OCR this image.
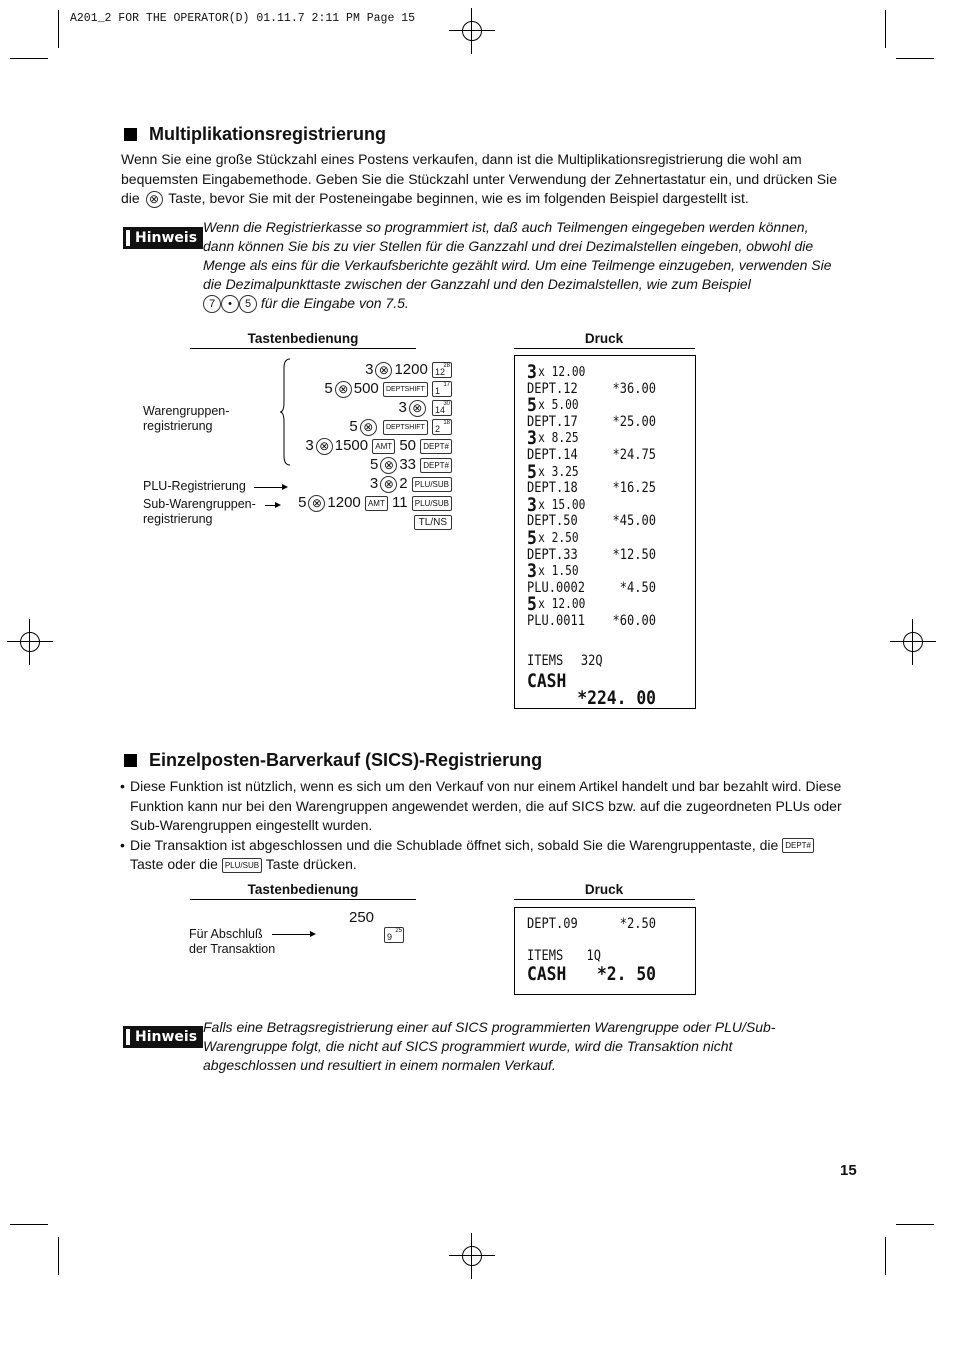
A201_2 FOR THE OPERATOR(D) 01.11.7 2:11 PM Page 15
Multiplikationsregistrierung
Wenn Sie eine große Stückzahl eines Postens verkaufen, dann ist die Multiplikationsregistrierung die wohl am bequemsten Eingabemethode. Geben Sie die Stückzahl unter Verwendung der Zehnertastatur ein, und drücken Sie die ⊗ Taste, bevor Sie mit der Posteneingabe beginnen, wie es im folgenden Beispiel dargestellt ist.
Hinweis
Wenn die Registrierkasse so programmiert ist, daß auch Teilmengen eingegeben werden können, dann können Sie bis zu vier Stellen für die Ganzzahl und drei Dezimalstellen eingeben, obwohl die Menge als eins für die Verkaufsberichte gezählt wird. Um eine Teilmenge einzugeben, verwenden Sie die Dezimalpunkttaste zwischen der Ganzzahl und den Dezimalstellen, wie zum Beispiel
7 • 5 für die Eingabe von 7.5.
Tastenbedienung	Druck
Warengruppen-
registrierung
PLU-Registrierung
Sub-Warengruppen-
registrierung
3 ⊗ 1200	28
12
5 ⊗ 500 DEPTSHIFT
17
1
3 ⊗	30
14
5 ⊗ DEPTSHIFT
18
2
3 ⊗ 1500 AMT 50 DEPT#
5 ⊗ 33 DEPT#
3 ⊗ 2 PLU/SUB
5 ⊗ 1200 AMT 11 PLU/SUB
TL/NS
3 x 12.00
DEPT.12 *36.00
5 x 5.00
DEPT.17 *25.00
3 x 8.25
DEPT.14 *24.75
5 x 3.25
DEPT.18 *16.25
3 x 15.00
DEPT.50 *45.00
5 x 2.50
DEPT.33 *12.50
3 x 1.50
PLU.0002 *4.50
5 x 12.00
PLU.0011 *60.00
ITEMS 32Q
CASH
*224. 00
Einzelposten-Barverkauf (SICS)-Registrierung
• Diese Funktion ist nützlich, wenn es sich um den Verkauf von nur einem Artikel handelt und bar bezahlt wird. Diese Funktion kann nur bei den Warengruppen angewendet werden, die auf SICS bzw. auf die zugeordneten PLUs oder Sub-Warengruppen eingestellt wurden.
• Die Transaktion ist abgeschlossen und die Schublade öffnet sich, sobald Sie die Warengruppentaste, die DEPT#
Taste oder die PLU/SUB Taste drücken.
Tastenbedienung	Druck
250
25
9
Für Abschluß
der Transaktion
DEPT.09	*2.50
ITEMS 1Q
CASH *2. 50
Hinweis
Falls eine Betragsregistrierung einer auf SICS programmierten Warengruppe oder PLU/Sub-Warengruppe folgt, die nicht auf SICS programmiert wurde, wird die Transaktion nicht abgeschlossen und resultiert in einem normalen Verkauf.
15
